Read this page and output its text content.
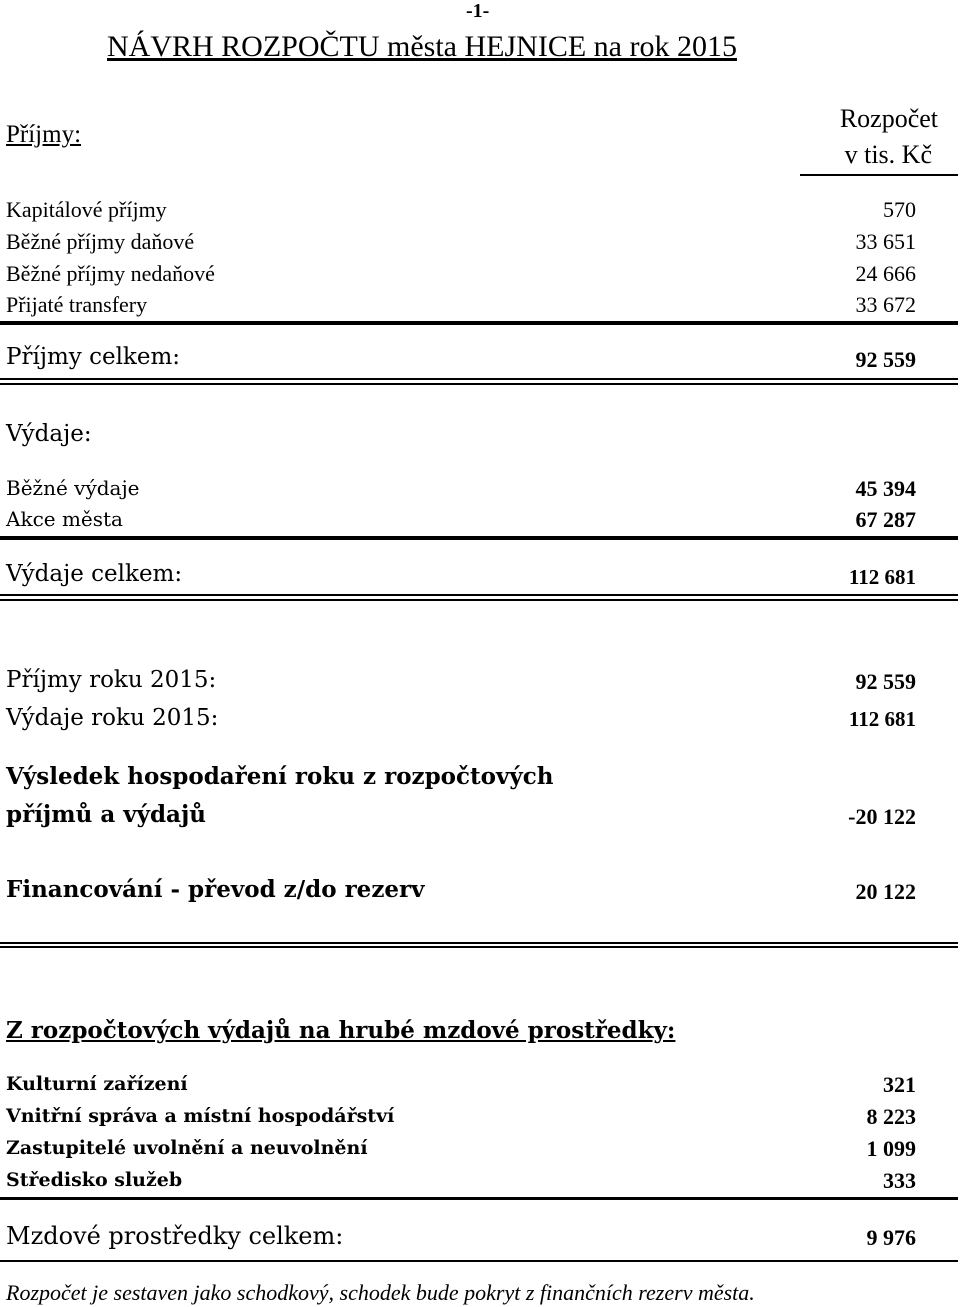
-1-
NÁVRH ROZPOČTU města HEJNICE na rok 2015
Příjmy:
Rozpočet
v tis. Kč
Kapitálové příjmy	570
Běžné příjmy daňové	33 651
Běžné příjmy nedaňové	24 666
Přijaté transfery	33 672
Příjmy celkem:	92 559
Výdaje:
Běžné výdaje	45 394
Akce města	67 287
Výdaje celkem:	112 681
Příjmy roku 2015:	92 559
Výdaje roku 2015:	112 681
Výsledek hospodaření roku z rozpočtových
příjmů a výdajů	-20 122
Financování - převod z/do rezerv	20 122
Z rozpočtových výdajů na hrubé mzdové prostředky:
Kulturní zařízení	321
Vnitřní správa a místní hospodářství	8 223
Zastupitelé uvolnění a neuvolnění	1 099
Středisko služeb	333
Mzdové prostředky celkem:	9 976
Rozpočet je sestaven jako schodkový, schodek bude pokryt z finančních rezerv města.
